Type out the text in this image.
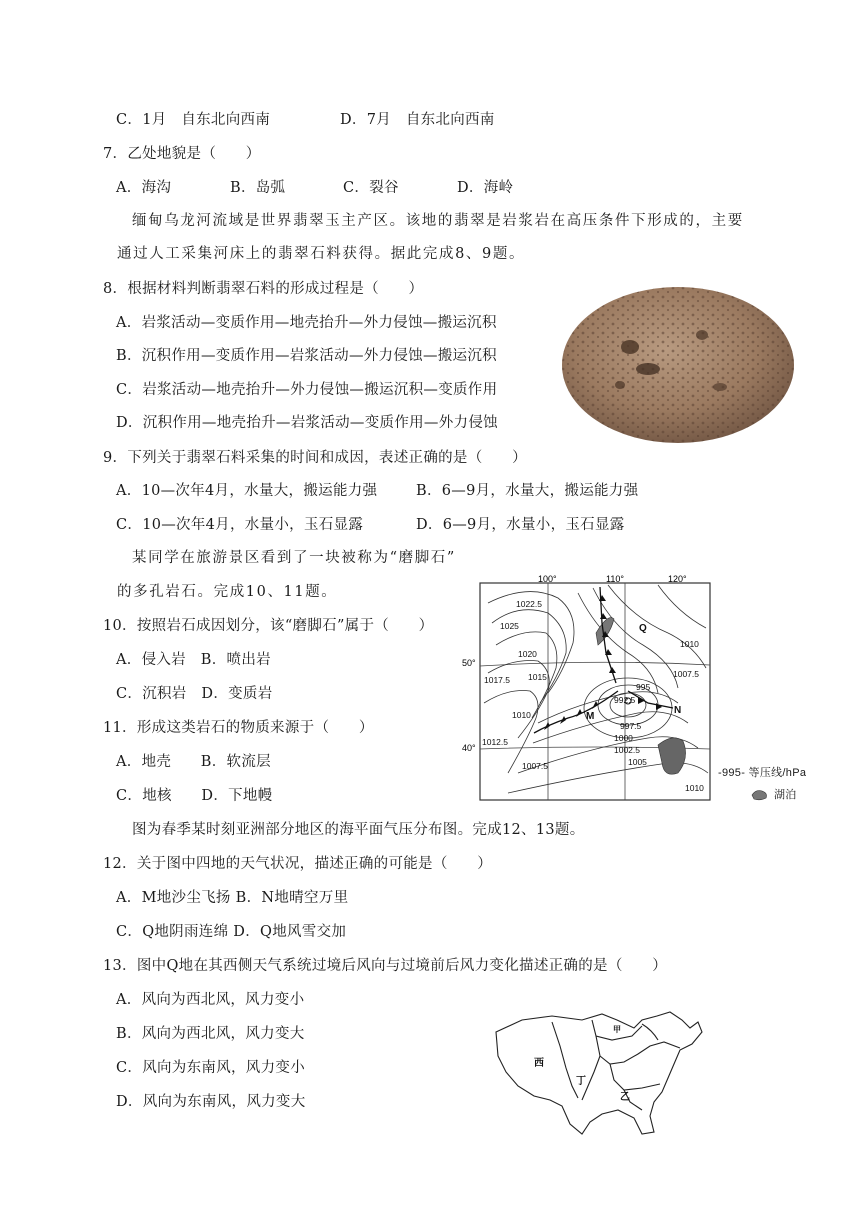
C．1月　自东北向西南	D．7月　自东北向西南
7．乙处地貌是（　　）
A．海沟	B．岛弧	C．裂谷	D．海岭
缅甸乌龙河流域是世界翡翠玉主产区。该地的翡翠是岩浆岩在高压条件下形成的，主要
通过人工采集河床上的翡翠石料获得。据此完成8、9题。
8．根据材料判断翡翠石料的形成过程是（　　）
A．岩浆活动—变质作用—地壳抬升—外力侵蚀—搬运沉积
B．沉积作用—变质作用—岩浆活动—外力侵蚀—搬运沉积
C．岩浆活动—地壳抬升—外力侵蚀—搬运沉积—变质作用
D．沉积作用—地壳抬升—岩浆活动—变质作用—外力侵蚀
9．下列关于翡翠石料采集的时间和成因，表述正确的是（　　）
A．10—次年4月，水量大，搬运能力强	B．6—9月，水量大，搬运能力强
C．10—次年4月，水量小，玉石显露	D．6—9月，水量小，玉石显露
某同学在旅游景区看到了一块被称为“磨脚石”
的多孔岩石。完成10、11题。
10．按照岩石成因划分，该“磨脚石”属于（　　）
A．侵入岩　B．喷出岩
C．沉积岩　D．变质岩
11．形成这类岩石的物质来源于（　　）
A．地壳　　B．软流层
C．地核　　D．下地幔
图为春季某时刻亚洲部分地区的海平面气压分布图。完成12、13题。
12．关于图中四地的天气状况，描述正确的可能是（　　）
A．M地沙尘飞扬 B．N地晴空万里
C．Q地阴雨连绵 D．Q地风雪交加
13．图中Q地在其西侧天气系统过境后风向与过境前后风力变化描述正确的是（　　）
A．风向为西北风，风力变小
B．风向为西北风，风力变大
C．风向为东南风，风力变小
D．风向为东南风，风力变大
100°	110°	120°
50°
40°
1022.5
1025
1020
1017.5 1015
1010
1012.5
1007.5
1010
1007.5
995
992.5
997.5
1000
1002.5
1005
1010
Q
M
N
-995- 等压线/hPa
湖泊
甲
西
丁
乙
